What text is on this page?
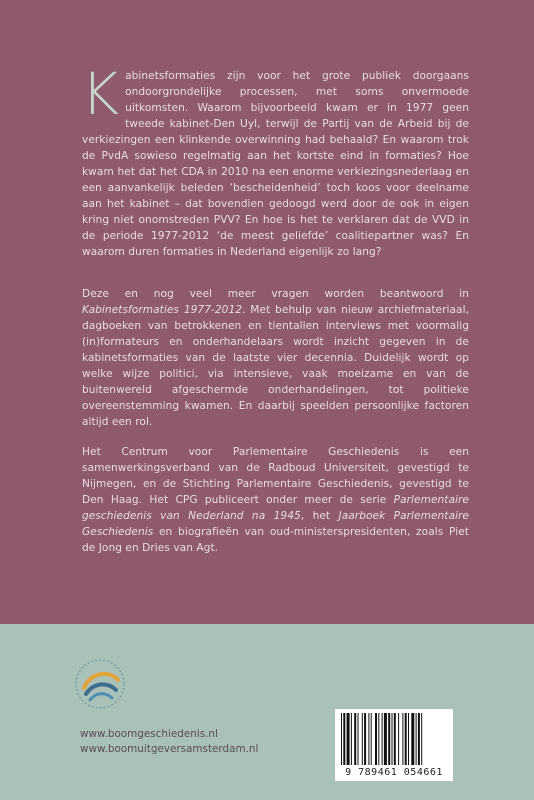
Kabinetsformaties zijn voor het grote publiek doorgaans ondoorgrondelijke processen, met soms onvermoede uitkomsten. Waarom bijvoorbeeld kwam er in 1977 geen tweede kabinet-Den Uyl, terwijl de Partij van de Arbeid bij de verkiezingen een klinkende overwinning had behaald? En waarom trok de PvdA sowieso regelmatig aan het kortste eind in formaties? Hoe kwam het dat het CDA in 2010 na een enorme verkiezingsnederlaag en een aanvankelijk beleden ‘bescheidenheid’ toch koos voor deelname aan het kabinet – dat bovendien gedoogd werd door de ook in eigen kring niet onomstreden PVV? En hoe is het te verklaren dat de VVD in de periode 1977-2012 ‘de meest geliefde’ coalitiepartner was? En waarom duren formaties in Nederland eigenlijk zo lang?
Deze en nog veel meer vragen worden beantwoord in Kabinetsformaties 1977-2012. Met behulp van nieuw archiefmateriaal, dagboeken van betrokkenen en tientallen interviews met voormalig (in)formateurs en onderhandelaars wordt inzicht gegeven in de kabinetsformaties van de laatste vier decennia. Duidelijk wordt op welke wijze politici, via intensieve, vaak moeizame en van de buitenwereld afgeschermde onderhandelingen, tot politieke overeenstemming kwamen. En daarbij speelden persoonlijke factoren altijd een rol.
Het Centrum voor Parlementaire Geschiedenis is een samenwerkingsverband van de Radboud Universiteit, gevestigd te Nijmegen, en de Stichting Parlementaire Geschiedenis, gevestigd te Den Haag. Het CPG publiceert onder meer de serie Parlementaire geschiedenis van Nederland na 1945, het Jaarboek Parlementaire Geschiedenis en biografieën van oud-ministerspresidenten, zoals Piet de Jong en Dries van Agt.
www.boomgeschiedenis.nl
www.boomuitgeversamsterdam.nl
9 789461 054661
